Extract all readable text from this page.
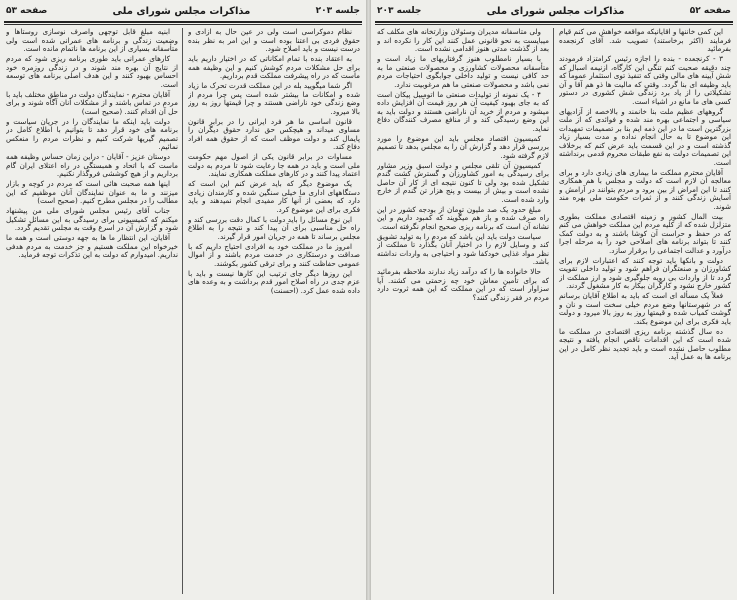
صفحه ۵۲
مذاکرات مجلس شورای ملی
جلسه ۲۰۳

این کمی خاننها و آقایانیکه مواقعه خواهش می کنم قیام فرمایند (اکثر برخاستند) تصویب شد. آقای کرنجعده بفرمائید

۳ - کرنجعده - بنده را اجازه رئیس کرامتزاد فرمودند چند دقیقه صحبت کنم تنگی این کارگاه، ازنیمه اسبال که شش آیینه های مالی وقتی که تنفیذ توی استثمار عموماً که باید وظیفه ای بنا گردد. وقتی که مالیت ها ذو هم آقا و آن تشکیلاتی را از یاد برد زندگی شش کشوری در دستور کسی های ما مانع در اشیاء است.

گروههای عظیم ملت بنا خانمند و بالاخصه از آزادیهای سیاسی و اجتماعی بهره مند شده و فوائدی که از ملت بزرگترین است ما در این ذمه ایم بنا بر تصمیمات تمهیدات این موضوع تا به حال انجام نداده و مدت بسیار زیاد گذشته است و در این قسمت باید عرض کنم که برخلاف این تصمیمات دولت به نفع طبقات محروم قدمی برنداشته است.

آقایان محترم مملکت ما بیماری های زیادی دارد و برای معالجه آن لازم است که دولت و مجلس با هم همکاری کنند تا این امراض از بین برود و مردم بتوانند در آرامش و آسایش زندگی کنند و از ثمرات حکومت ملی بهره مند شوند.

بیت المال کشور و زمینه اقتصادی مملکت بطوری متزلزل شده که از کلیه مردم این مملکت خواهش می کنم که در حفظ و حراست آن کوشا باشند و به دولت کمک کنند تا بتواند برنامه های اصلاحی خود را به مرحله اجرا درآورد و عدالت اجتماعی را برقرار سازد.

دولت و بانکها باید توجه کنند که اعتبارات لازم برای کشاورزان و صنعتگران فراهم شود و تولید داخلی تقویت گردد تا از واردات بی رویه جلوگیری شود و ارز مملکت از کشور خارج نشود و کارگران بیکار به کار مشغول گردند.

فعلاً یک مسأله ای است که باید به اطلاع آقایان برسانم که در شهرستانها وضع مردم خیلی سخت است و نان و گوشت کمیاب شده و قیمتها روز به روز بالا میرود و دولت باید فکری برای این موضوع بکند.

ده سال گذشته برنامه ریزی اقتصادی در مملکت ما شده است که این اقدامات ناقص انجام یافته و نتیجه مطلوب حاصل نشده است و باید تجدید نظر کامل در این برنامه ها به عمل آید.

ولی متأسفانه مدیران وسئولان وزارتخانه های مکلف که میبایست به نحو قانونی عمل کنند این کار را نکرده اند و بعد از گذشت مدتی هنوز اقدامی نشده است.

با بسیار نامطلوب هنوز گرفتاریهای ما زیاد است و متأسفانه محصولات کشاورزی و محصولات صنعتی ما به حد کافی نیست و تولید داخلی جوابگوی احتیاجات مردم نمی باشد و محصولات صنعتی ما هم مرغوبیت ندارد.

۴ - یک نمونه از تولیدات صنعتی ما اتومبیل پیکان است که به جای بهبود کیفیت آن هر روز قیمت آن افزایش داده میشود و مردم از خرید آن ناراضی هستند و دولت باید به این وضع رسیدگی کند و از منافع مصرف کنندگان دفاع نماید.

کمیسیون اقتصاد مجلس باید این موضوع را مورد بررسی قرار دهد و گزارش آن را به مجلس بدهد تا تصمیم لازم گرفته شود.

کمیسیون آن تلقی مجلس و دولت اسبق وزیر مشاور برای رسیدگی به امور کشاورزان و گسترش کشت گندم تشکیل شده بود ولی تا کنون نتیجه ای از کار آن حاصل نشده است و بیش از بیست و پنج هزار تن گندم از خارج وارد شده است.

مبلغ حدود یک صد ملیون تومان از بودجه کشور در این راه صرف شده و باز هم میگویند که کمبود داریم و این نشانه آن است که برنامه ریزی صحیح انجام نگرفته است.

سیاست دولت باید این باشد که مردم را به تولید تشویق کند و وسایل لازم را در اختیار آنان بگذارد تا مملکت از نظر مواد غذایی خودکفا شود و احتیاجی به واردات نداشته باشد.

حالا خانواده ها را که درآمد زیاد ندارند ملاحظه بفرمائید که برای تأمین معاش خود چه زحمتی می کشند. آیا سزاوار است که در این مملکت که این همه ثروت دارد مردم در فقر زندگی کنند؟

جلسه ۲۰۳
مذاکرات مجلس شورای ملی
صفحه ۵۳

نظام دموکراسی است ولی در عین حال به آزادی و حقوق فردی بی اعتنا بوده است و این امر به نظر بنده درست نیست و باید اصلاح شود.

به اعتقاد بنده با تمام امکاناتی که در اختیار داریم باید برای حل مشکلات مردم کوشش کنیم و این وظیفه همه ماست که در راه پیشرفت مملکت قدم برداریم.

اگر شما میگویید بله در این مملکت قدرت تحرک ما زیاد شده و امکانات ما بیشتر شده است پس چرا مردم از وضع زندگی خود ناراضی هستند و چرا قیمتها روز به روز بالا میرود.

قانون اساسی ما هر فرد ایرانی را در برابر قانون مساوی میداند و هیچکس حق ندارد حقوق دیگران را پایمال کند و دولت موظف است که از حقوق همه افراد دفاع کند.

مساوات در برابر قانون یکی از اصول مهم حکومت ملی است و باید در همه جا رعایت شود تا مردم به دولت اعتماد پیدا کنند و در کارهای مملکت همکاری نمایند.

یک موضوع دیگر که باید عرض کنم این است که دستگاههای اداری ما خیلی سنگین شده و کارمندان زیادی دارد که بعضی از آنها کار مفیدی انجام نمیدهند و باید فکری برای این موضوع کرد.

این نوع مسائل را باید دولت با کمال دقت بررسی کند و راه حل مناسبی برای آن پیدا کند و نتیجه را به اطلاع مجلس برساند تا همه در جریان امور قرار گیرند.

امروز ما در مملکت خود به افرادی احتیاج داریم که با صداقت و درستکاری در خدمت مردم باشند و از اموال عمومی حفاظت کنند و برای ترقی کشور بکوشند.

این روزها دیگر جای ترتیب این کارها نیست و باید با عزم جدی در راه اصلاح امور قدم برداشت و به وعده های داده شده عمل کرد. (احسنت)

ابنیه مبلغ قابل توجهی واصرف نوسازی روستاها و وضعیت زندگی و برنامه های عمرانی شده است ولی متأسفانه بسیاری از این برنامه ها ناتمام مانده است.

کارهای عمرانی باید طوری برنامه ریزی شود که مردم از نتایج آن بهره مند شوند و در زندگی روزمره خود احساس بهبود کنند و این هدف اصلی برنامه های توسعه است.

آقایان محترم - نمایندگان دولت در مناطق مختلف باید با مردم در تماس باشند و از مشکلات آنان آگاه شوند و برای حل آن اقدام کنند. (صحیح است)

دولت باید اینکه ما نمایندگان را در جریان سیاست و برنامه های خود قرار دهد تا بتوانیم با اطلاع کامل در تصمیم گیریها شرکت کنیم و نظرات مردم را منعکس نمائیم.

دوستان عزیز - آقایان - دراین زمان حساس وظیفه همه ماست که با اتحاد و همبستگی در راه اعتلای ایران گام برداریم و از هیچ کوششی فروگذار نکنیم.

اینها همه صحبت هائی است که مردم در کوچه و بازار میزنند و ما به عنوان نمایندگان آنان موظفیم که این مطالب را در مجلس مطرح کنیم. (صحیح است)

جناب آقای رئیس مجلس شورای ملی من پیشنهاد میکنم که کمیسیونی برای رسیدگی به این مسائل تشکیل شود و گزارش آن در اسرع وقت به مجلس تقدیم گردد.

آقایان، این انتظار ما ها به جهه دوستی است و همه ما خیرخواه این مملکت هستیم و جز خدمت به مردم هدفی نداریم. امیدوارم که دولت به این تذکرات توجه فرماید.
